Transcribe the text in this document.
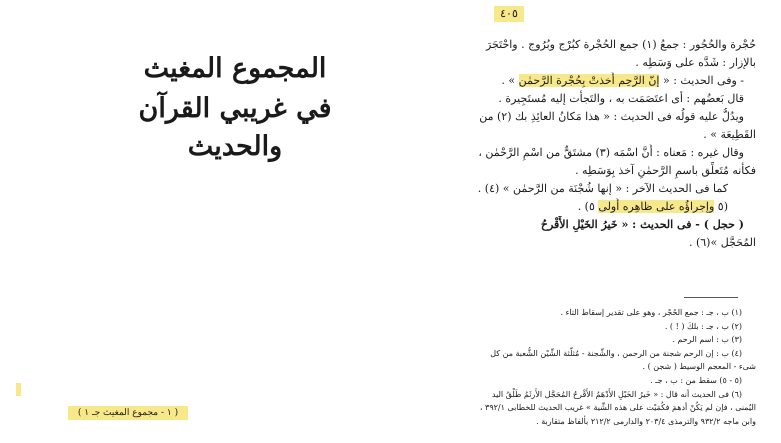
٤٠٥
المجموع المغيث
في غريبي القرآن والحديث
( ١ - مجموع المغيث جـ ١ )
حُجْرة والحُجُور : جمعُ (١) جمع الحُجْرة كبُرْج وبُرُوج . واحْتَجَرَ
بالإزار : شَدَّه على وَسَطِه .
- وفى الحديث : « إنّ الرَّحِم أَخذتْ بِحُجْرة الرَّحمٰن » .
قال بَعضُهم : أى اعتَصَمَت به ، والتَجأَت إليه مُستَجِيرة .
ويدُلُّ عليه قولُه فى الحديث : « هذا مَكانُ العائِذِ بك (٢) من
القَطِيعَة » .
وقال غيره : مَعناه : أَنَّ اسْمَه (٣) مشتَقٌّ من اسْمِ الرَّحْمٰن ،
فكأنه مُتَعلِّق باسمِ الرَّحمٰنِ آخذ بِوَسَطِه .
كما فى الحديث الآخر : « إنها شُجْنَة من الرَّحمٰن » (٤) .
(٥ وإجراؤُه على ظاهِره أَولى ٥) .
( حجل ) - فى الحديث : « خَيرُ الخَيْلِ الأَقْرحُ
المُحَجَّل »(٦) .
(١) ب ، جـ : جمع الحُجْر ، وهو على تقدير إسقاط التاء .
(٢) ب ، جـ : بلكَ ( ! ) .
(٣) ب : اسم الرحم .
(٤) ب : إن الرحم شجنة من الرحمن ، والشِّجنة - مُثلَّثة الشِّيْن الشُّعبة من كل
شىء - المعجم الوسيط ( شجن ) .
(٥ - ٥) سقط من : ب ، جـ .
(٦) فى الحديث أنه قال : « خَيرُ الخَيْلِ الأَدْهَمُ الأَقْرحُ المُحَجَّل الأَرثَمُ طَلْقُ اليد
اليُمنى ، فإن لم يَكُنْ أدهمَ فكُمَيْت على هذه الشِّية » غريب الحديث للخطابى ٣٩٢/١ ،
وابن ماجه ٩٣٢/٢ والترمذى ٢٠٣/٤ والدارمى ٢١٢/٢ بألفاظ متقاربة .
